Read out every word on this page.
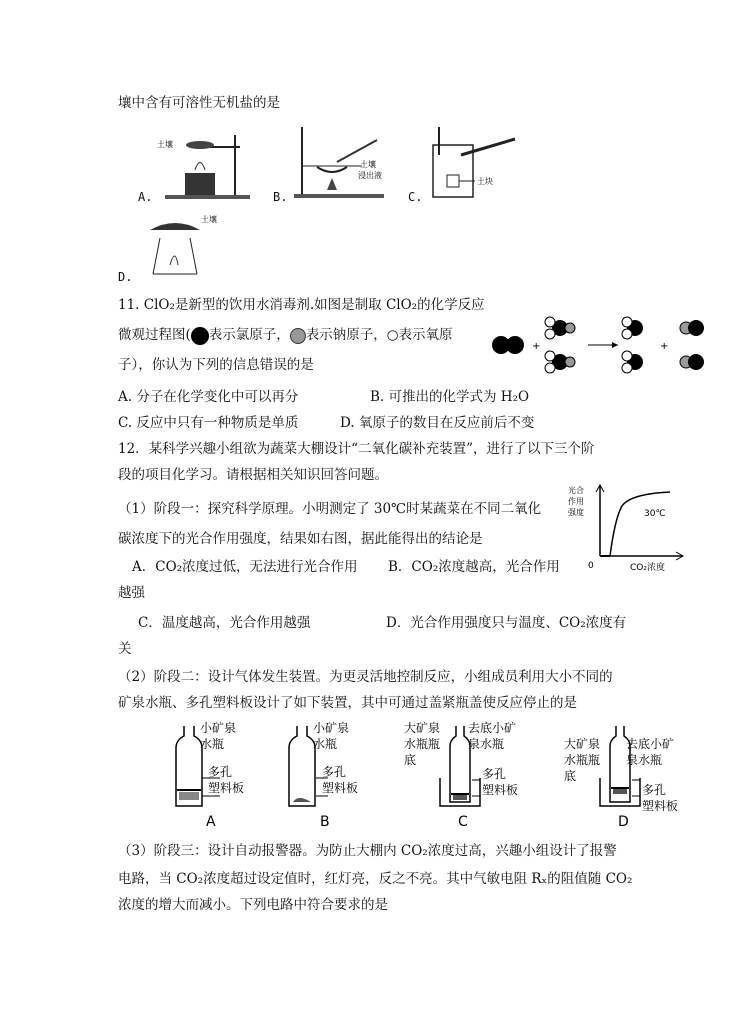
壤中含有可溶性无机盐的是
A.
土壤
B.
土壤
浸出液
C.
土块
D.
土壤
11. ClO₂是新型的饮用水消毒剂.如图是制取 ClO₂的化学反应
微观过程图( 表示氯原子， 表示钠原子，○表示氧原
子），你认为下列的信息错误的是
+	+
A. 分子在化学变化中可以再分	B. 可推出的化学式为 H₂O
C. 反应中只有一种物质是单质	D. 氧原子的数目在反应前后不变
12．某科学兴趣小组欲为蔬菜大棚设计“二氧化碳补充装置”，进行了以下三个阶
段的项目化学习。请根据相关知识回答问题。
（1）阶段一：探究科学原理。小明测定了 30℃时某蔬菜在不同二氧化
碳浓度下的光合作用强度，结果如右图，据此能得出的结论是
光合
作用
强度	30℃
0	CO₂浓度
A．CO₂浓度过低，无法进行光合作用 B．CO₂浓度越高，光合作用
越强
C．温度越高，光合作用越强	D．光合作用强度只与温度、CO₂浓度有
关
（2）阶段二：设计气体发生装置。为更灵活地控制反应，小组成员利用大小不同的
矿泉水瓶、多孔塑料板设计了如下装置，其中可通过盖紧瓶盖使反应停止的是
小矿泉
水瓶
多孔
塑料板
A
小矿泉
水瓶
多孔
塑料板
B
大矿泉
水瓶瓶
底
去底小矿
泉水瓶
多孔
塑料板
C
大矿泉
水瓶瓶
底
去底小矿
泉水瓶
多孔
塑料板
D
（3）阶段三：设计自动报警器。为防止大棚内 CO₂浓度过高，兴趣小组设计了报警
电路，当 CO₂浓度超过设定值时，红灯亮，反之不亮。其中气敏电阻 Rₓ的阻值随 CO₂
浓度的增大而减小。下列电路中符合要求的是
